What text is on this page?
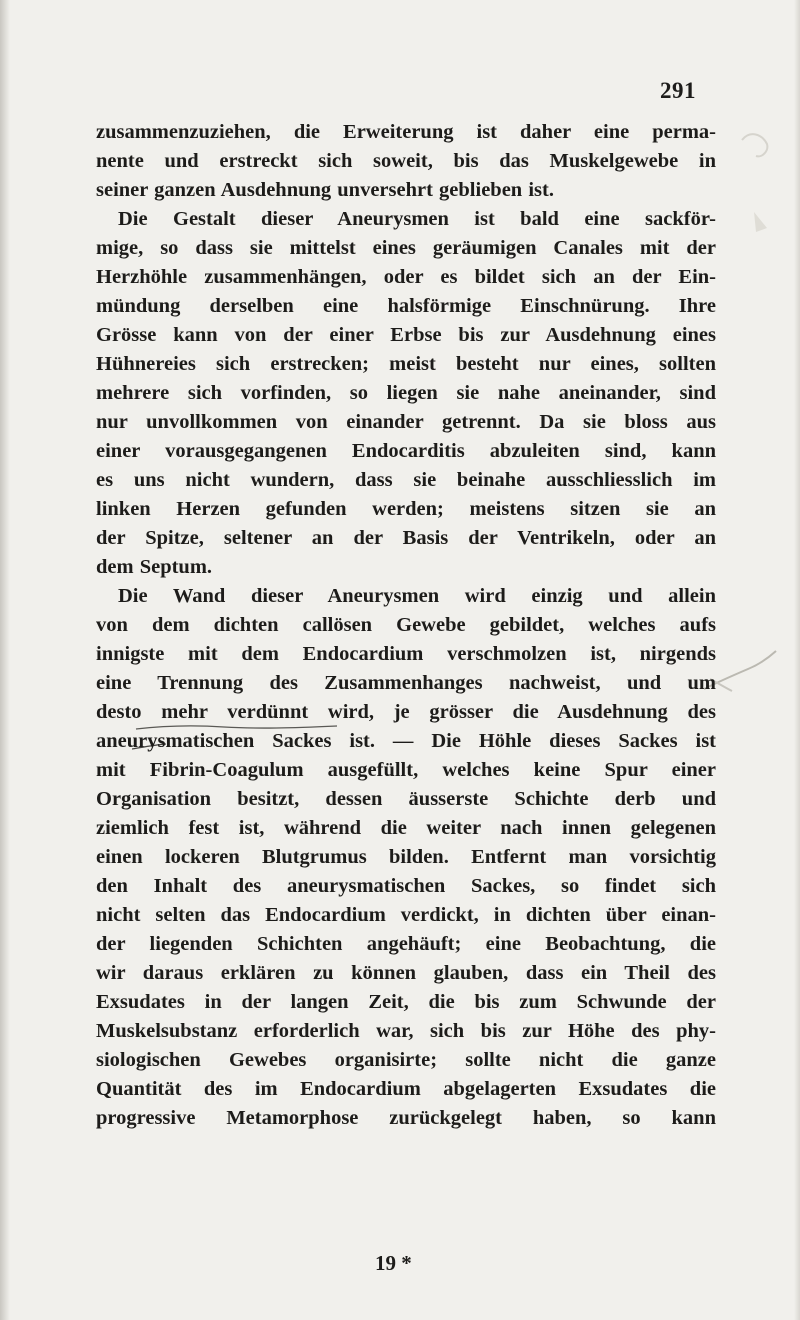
291
zusammenzuziehen, die Erweiterung ist daher eine perma-
nente und erstreckt sich soweit, bis das Muskelgewebe in
seiner ganzen Ausdehnung unversehrt geblieben ist.
Die Gestalt dieser Aneurysmen ist bald eine sackför-
mige, so dass sie mittelst eines geräumigen Canales mit der
Herzhöhle zusammenhängen, oder es bildet sich an der Ein-
mündung derselben eine halsförmige Einschnürung. Ihre
Grösse kann von der einer Erbse bis zur Ausdehnung eines
Hühnereies sich erstrecken; meist besteht nur eines, sollten
mehrere sich vorfinden, so liegen sie nahe aneinander, sind
nur unvollkommen von einander getrennt. Da sie bloss aus
einer vorausgegangenen Endocarditis abzuleiten sind, kann
es uns nicht wundern, dass sie beinahe ausschliesslich im
linken Herzen gefunden werden; meistens sitzen sie an
der Spitze, seltener an der Basis der Ventrikeln, oder an
dem Septum.
Die Wand dieser Aneurysmen wird einzig und allein
von dem dichten callösen Gewebe gebildet, welches aufs
innigste mit dem Endocardium verschmolzen ist, nirgends
eine Trennung des Zusammenhanges nachweist, und um
desto mehr verdünnt wird, je grösser die Ausdehnung des
aneurysmatischen Sackes ist. — Die Höhle dieses Sackes ist
mit Fibrin-Coagulum ausgefüllt, welches keine Spur einer
Organisation besitzt, dessen äusserste Schichte derb und
ziemlich fest ist, während die weiter nach innen gelegenen
einen lockeren Blutgrumus bilden. Entfernt man vorsichtig
den Inhalt des aneurysmatischen Sackes, so findet sich
nicht selten das Endocardium verdickt, in dichten über einan-
der liegenden Schichten angehäuft; eine Beobachtung, die
wir daraus erklären zu können glauben, dass ein Theil des
Exsudates in der langen Zeit, die bis zum Schwunde der
Muskelsubstanz erforderlich war, sich bis zur Höhe des phy-
siologischen Gewebes organisirte; sollte nicht die ganze
Quantität des im Endocardium abgelagerten Exsudates die
progressive Metamorphose zurückgelegt haben, so kann
19 *
